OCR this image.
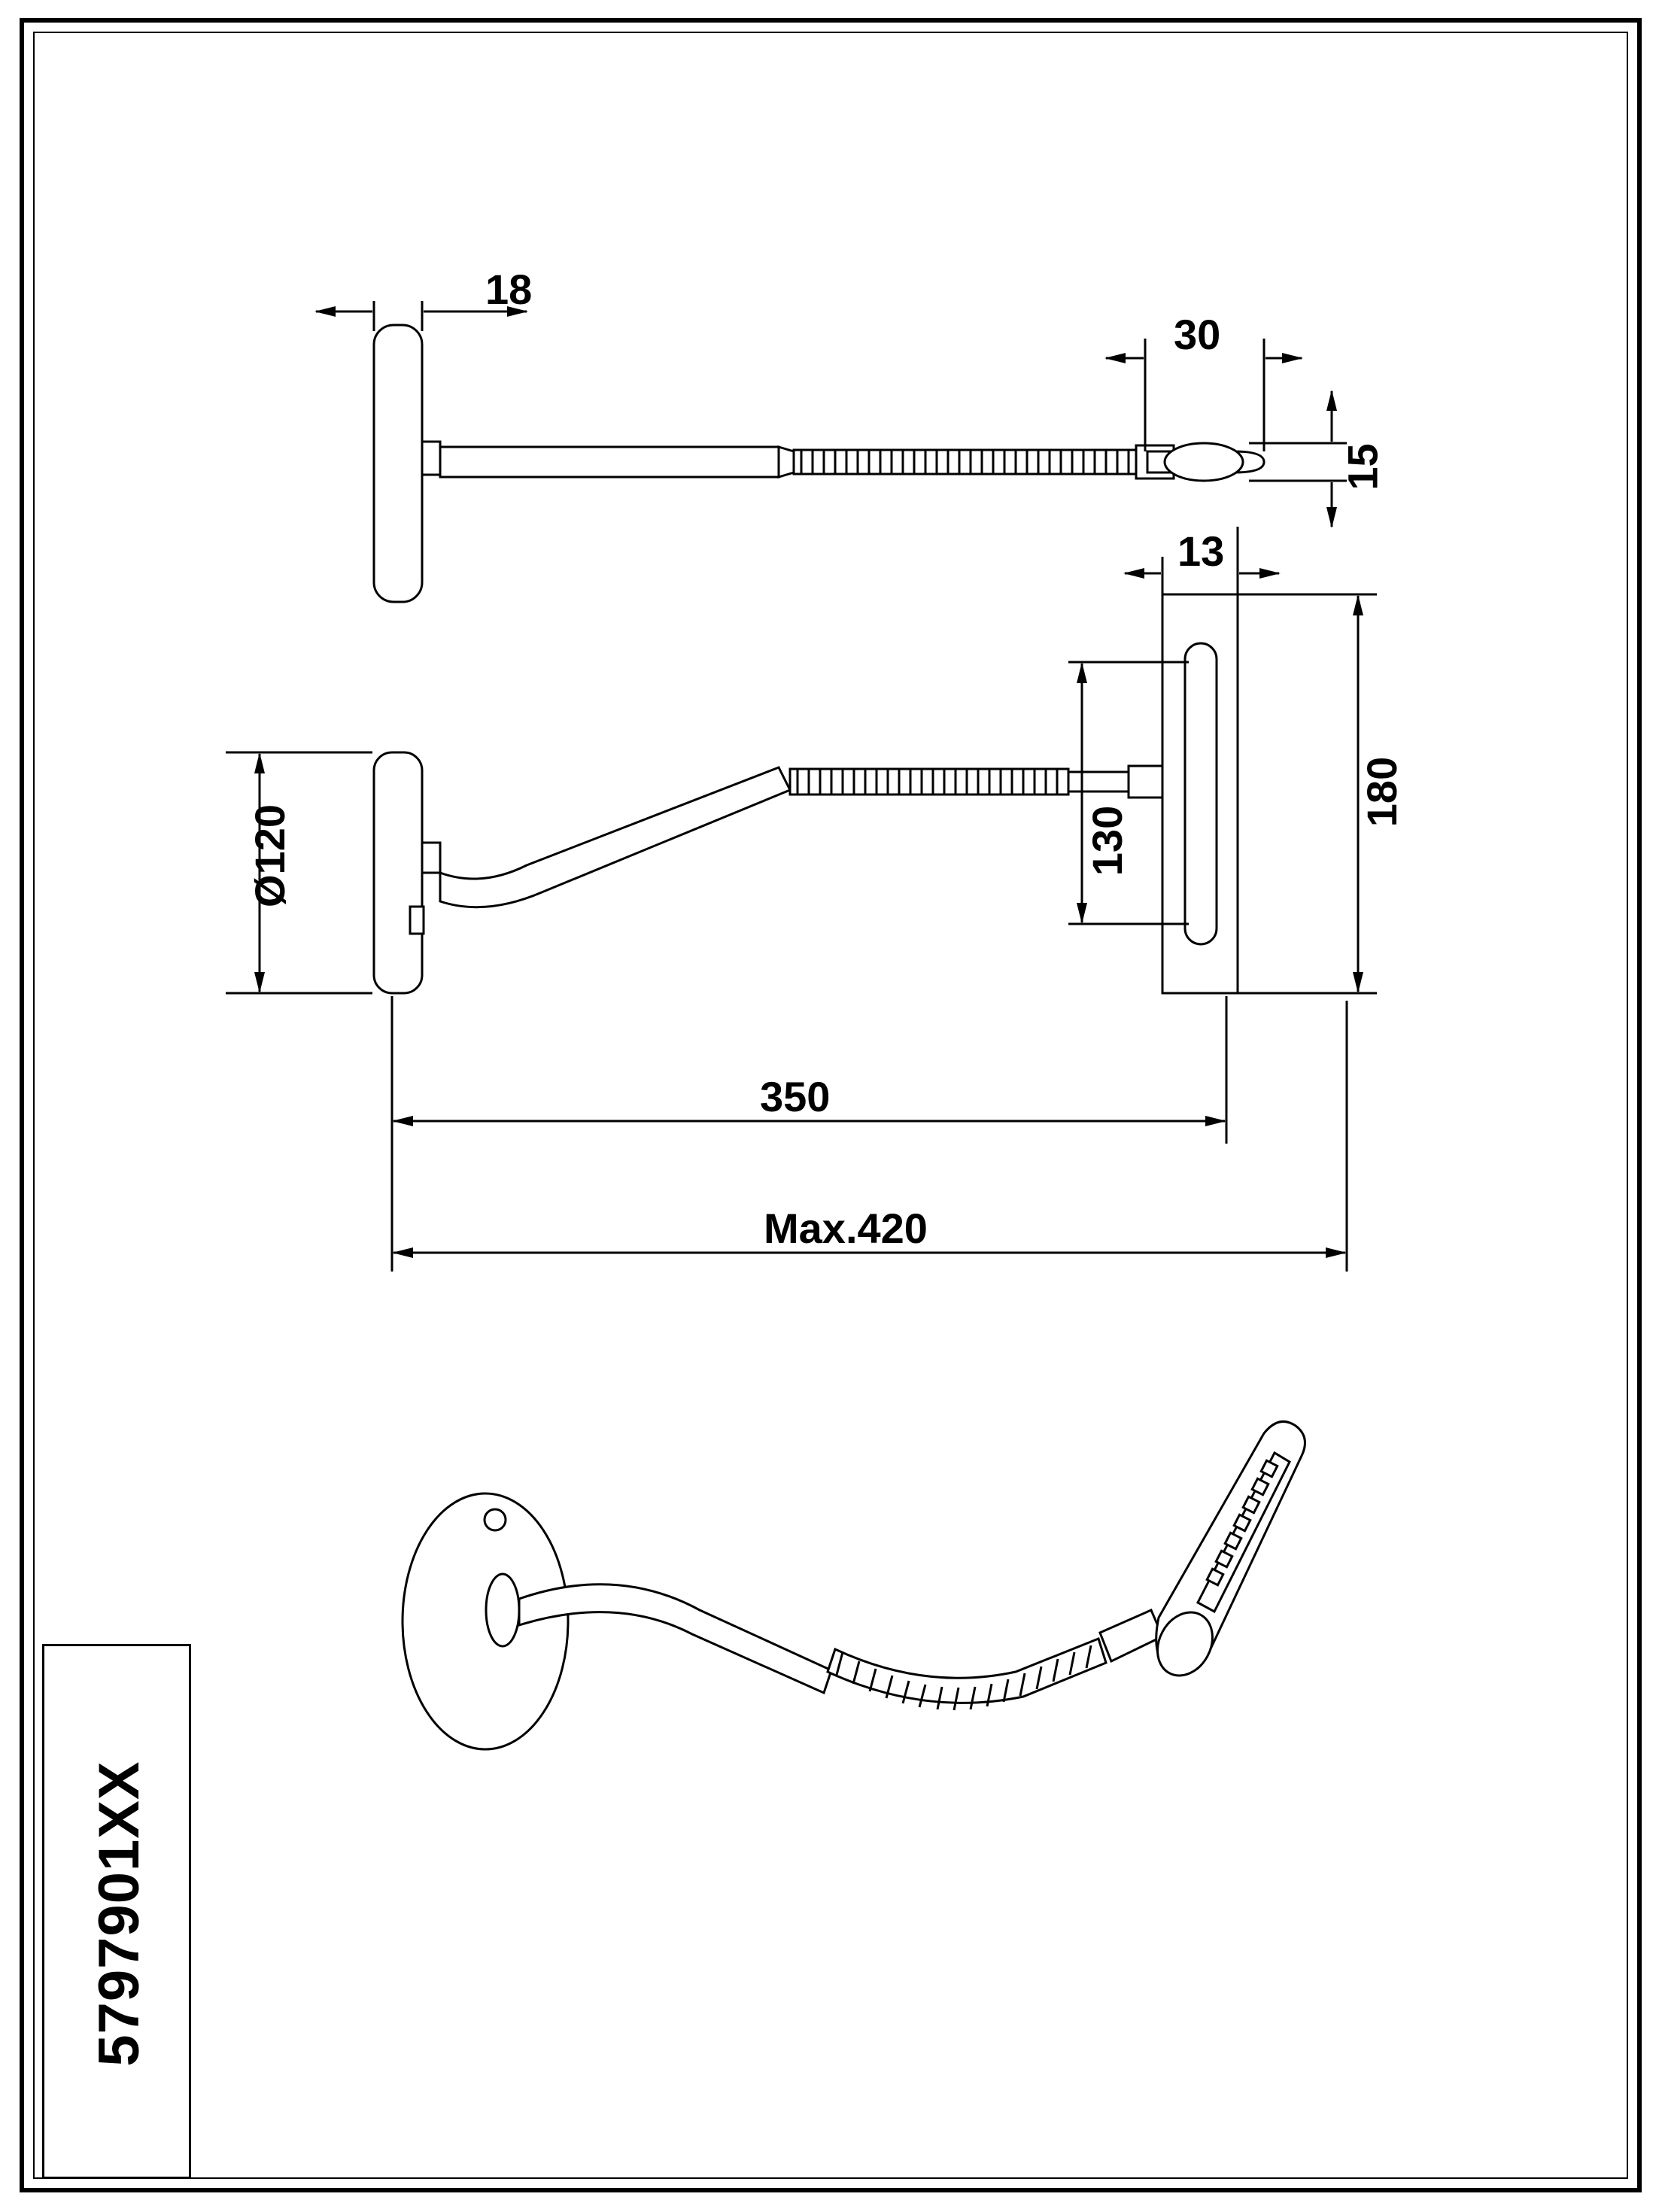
18
30
15
13
Ø120
180
130
350
Max.420
5797901XX
